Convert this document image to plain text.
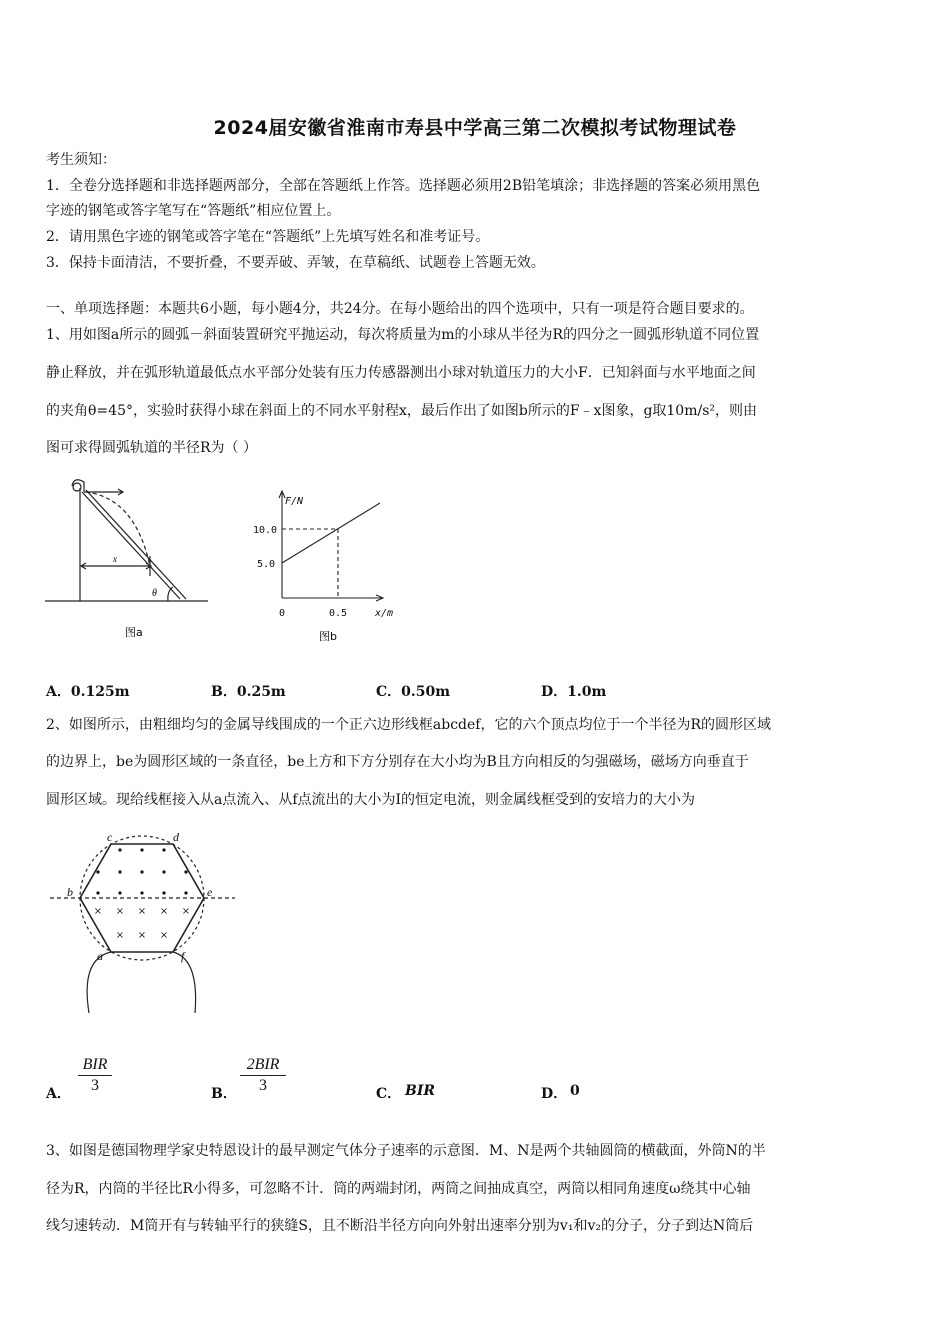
2024届安徽省淮南市寿县中学高三第二次模拟考试物理试卷
考生须知：
1．全卷分选择题和非选择题两部分，全部在答题纸上作答。选择题必须用2B铅笔填涂；非选择题的答案必须用黑色
字迹的钢笔或答字笔写在“答题纸”相应位置上。
2．请用黑色字迹的钢笔或答字笔在“答题纸”上先填写姓名和准考证号。
3．保持卡面清洁，不要折叠，不要弄破、弄皱，在草稿纸、试题卷上答题无效。
一、单项选择题：本题共6小题，每小题4分，共24分。在每小题给出的四个选项中，只有一项是符合题目要求的。
1、用如图a所示的圆弧－斜面装置研究平抛运动，每次将质量为m的小球从半径为R的四分之一圆弧形轨道不同位置
静止释放，并在弧形轨道最低点水平部分处装有压力传感器测出小球对轨道压力的大小F．已知斜面与水平地面之间
的夹角θ=45°，实验时获得小球在斜面上的不同水平射程x，最后作出了如图b所示的F﹣x图象，g取10m/s²，则由
图可求得圆弧轨道的半径R为（ ）
x
θ
图a
F/N
10.0
5.0
0	0.5	x/m
图b
A．0.125m	B．0.25m	C．0.50m	D．1.0m
2、如图所示，由粗细均匀的金属导线围成的一个正六边形线框abcdef，它的六个顶点均位于一个半径为R的圆形区域
的边界上，be为圆形区域的一条直径，be上方和下方分别存在大小均为B且方向相反的匀强磁场，磁场方向垂直于
圆形区域。现给线框接入从a点流入、从f点流出的大小为I的恒定电流，则金属线框受到的安培力的大小为
× × × × ×
× × ×
c	d
b	e
a	f
A．
BIR
3	B．
2BIR
3	C． BIR	D． 0
3、如图是德国物理学家史特恩设计的最早测定气体分子速率的示意图．M、N是两个共轴圆筒的横截面，外筒N的半
径为R，内筒的半径比R小得多，可忽略不计．筒的两端封闭，两筒之间抽成真空，两筒以相同角速度ω绕其中心轴
线匀速转动．M筒开有与转轴平行的狭缝S，且不断沿半径方向向外射出速率分别为v₁和v₂的分子，分子到达N筒后
